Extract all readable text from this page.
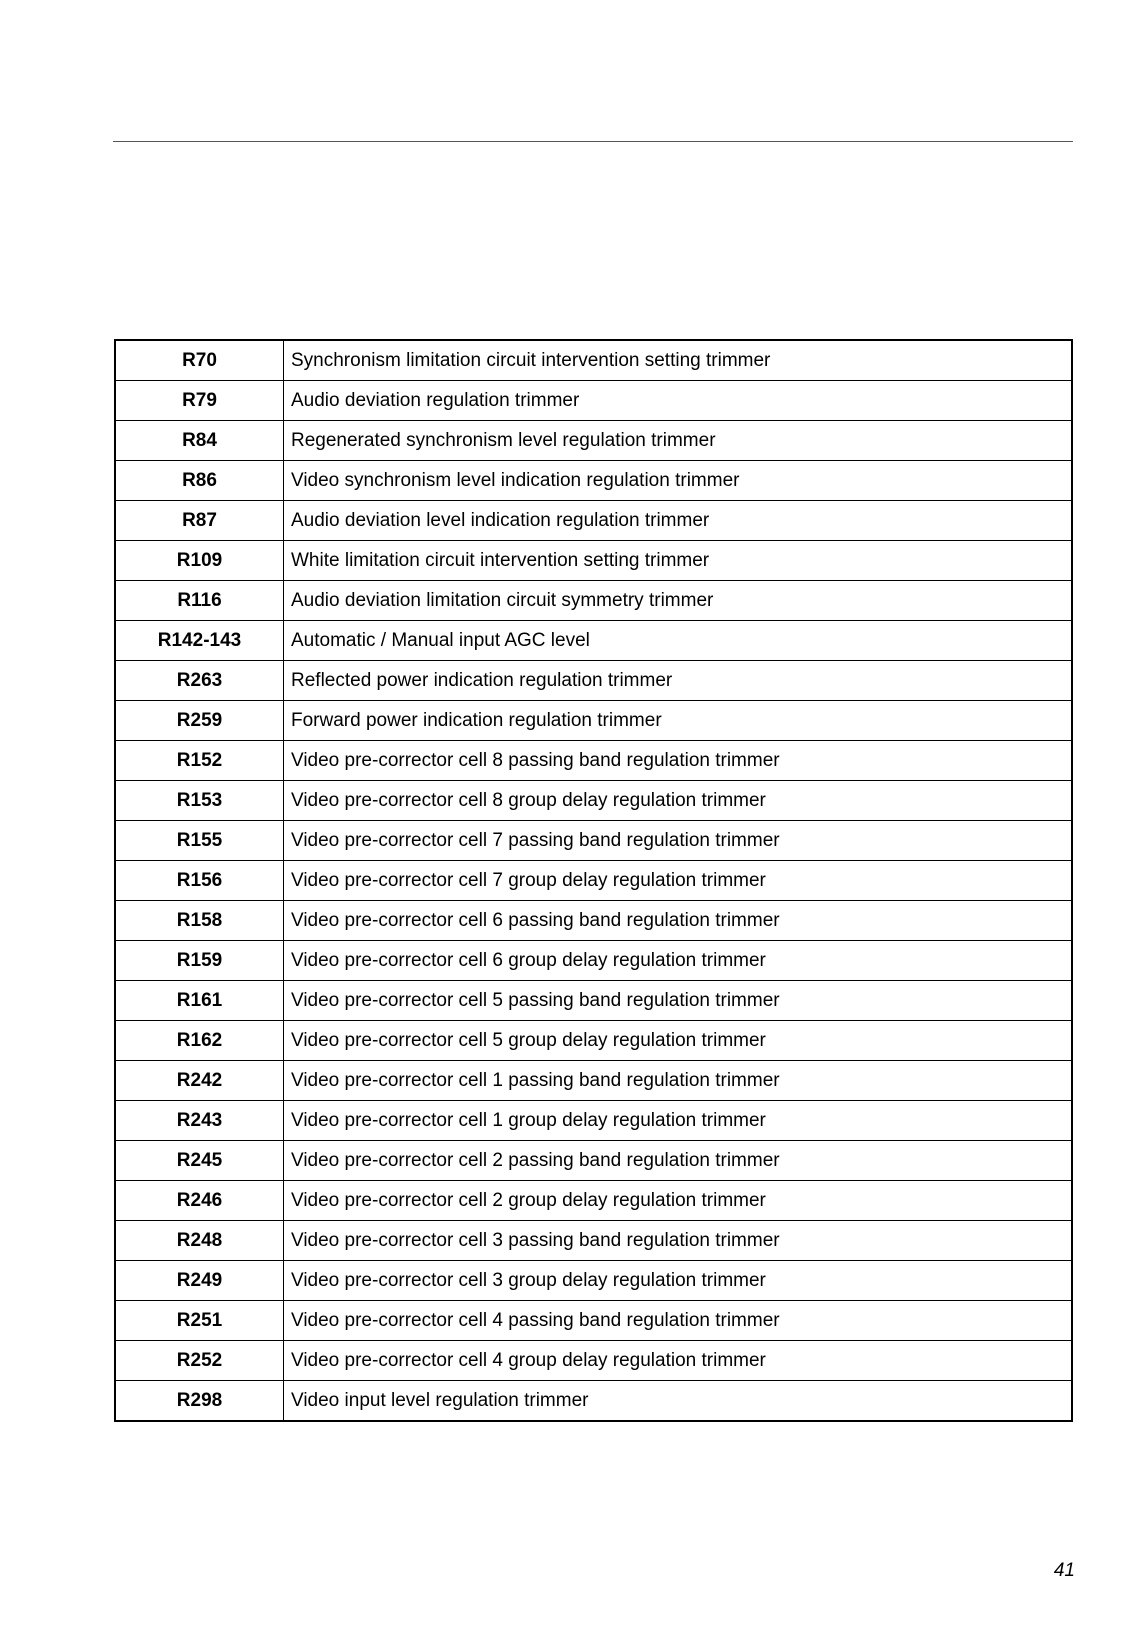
R70	Synchronism limitation circuit intervention setting trimmer
R79	Audio deviation regulation trimmer
R84	Regenerated synchronism level regulation trimmer
R86	Video synchronism level indication regulation trimmer
R87	Audio deviation level indication regulation trimmer
R109	White limitation circuit intervention setting trimmer
R116	Audio deviation limitation circuit symmetry trimmer
R142-143	Automatic / Manual input AGC level
R263	Reflected power indication regulation trimmer
R259	Forward power indication regulation trimmer
R152	Video pre-corrector cell 8 passing band regulation trimmer
R153	Video pre-corrector cell 8 group delay regulation trimmer
R155	Video pre-corrector cell 7 passing band regulation trimmer
R156	Video pre-corrector cell 7 group delay regulation trimmer
R158	Video pre-corrector cell 6 passing band regulation trimmer
R159	Video pre-corrector cell 6 group delay regulation trimmer
R161	Video pre-corrector cell 5 passing band regulation trimmer
R162	Video pre-corrector cell 5 group delay regulation trimmer
R242	Video pre-corrector cell 1 passing band regulation trimmer
R243	Video pre-corrector cell 1 group delay regulation trimmer
R245	Video pre-corrector cell 2 passing band regulation trimmer
R246	Video pre-corrector cell 2 group delay regulation trimmer
R248	Video pre-corrector cell 3 passing band regulation trimmer
R249	Video pre-corrector cell 3 group delay regulation trimmer
R251	Video pre-corrector cell 4 passing band regulation trimmer
R252	Video pre-corrector cell 4 group delay regulation trimmer
R298	Video input level regulation trimmer
41
